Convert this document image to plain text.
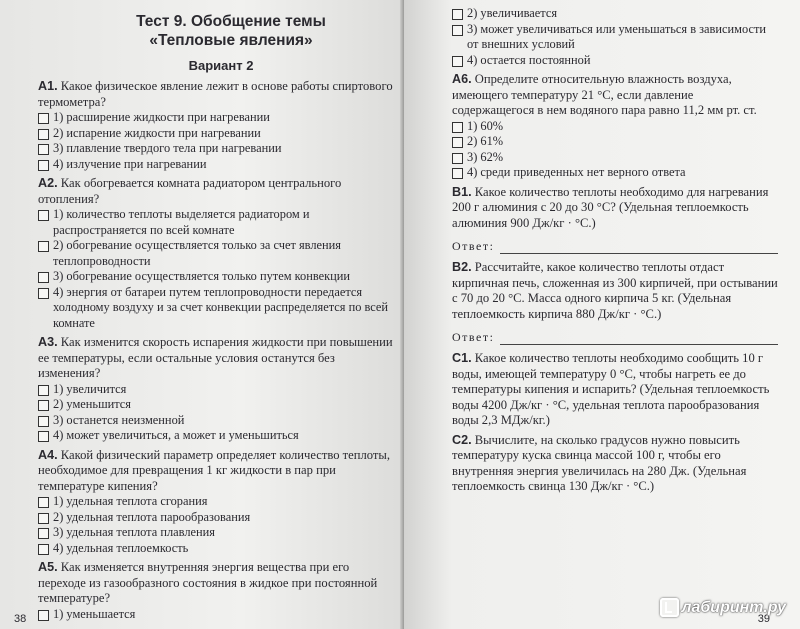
Тест 9. Обобщение темы
«Тепловые явления»
Вариант 2
А1. Какое физическое явление лежит в основе работы спиртового термометра?
1) расширение жидкости при нагревании
2) испарение жидкости при нагревании
3) плавление твердого тела при нагревании
4) излучение при нагревании
А2. Как обогревается комната радиатором центрального отопления?
1) количество теплоты выделяется радиатором и распространяется по всей комнате
2) обогревание осуществляется только за счет явления теплопроводности
3) обогревание осуществляется только путем конвекции
4) энергия от батареи путем теплопроводности передается холодному воздуху и за счет конвекции распределяется по всей комнате
А3. Как изменится скорость испарения жидкости при повышении ее температуры, если остальные условия останутся без изменения?
1) увеличится
2) уменьшится
3) останется неизменной
4) может увеличиться, а может и уменьшиться
А4. Какой физический параметр определяет количество теплоты, необходимое для превращения 1 кг жидкости в пар при температуре кипения?
1) удельная теплота сгорания
2) удельная теплота парообразования
3) удельная теплота плавления
4) удельная теплоемкость
А5. Как изменяется внутренняя энергия вещества при его переходе из газообразного состояния в жидкое при постоянной температуре?
1) уменьшается
38
2) увеличивается
3) может увеличиваться или уменьшаться в зависимости от внешних условий
4) остается постоянной
А6. Определите относительную влажность воздуха, имеющего температуру 21 °С, если давление содержащегося в нем водяного пара равно 11,2 мм рт. ст.
1) 60%
2) 61%
3) 62%
4) среди приведенных нет верного ответа
В1. Какое количество теплоты необходимо для нагревания 200 г алюминия с 20 до 30 °С? (Удельная теплоемкость алюминия 900 Дж/кг · °С.)
Ответ:
В2. Рассчитайте, какое количество теплоты отдаст кирпичная печь, сложенная из 300 кирпичей, при остывании с 70 до 20 °С. Масса одного кирпича 5 кг. (Удельная теплоемкость кирпича 880 Дж/кг · °С.)
Ответ:
С1. Какое количество теплоты необходимо сообщить 10 г воды, имеющей температуру 0 °С, чтобы нагреть ее до температуры кипения и испарить? (Удельная теплоемкость воды 4200 Дж/кг · °С, удельная теплота парообразования воды 2,3 МДж/кг.)
С2. Вычислите, на сколько градусов нужно повысить температуру куска свинца массой 100 г, чтобы его внутренняя энергия увеличилась на 280 Дж. (Удельная теплоемкость свинца 130 Дж/кг · °С.)
39
лабиринт.ру
